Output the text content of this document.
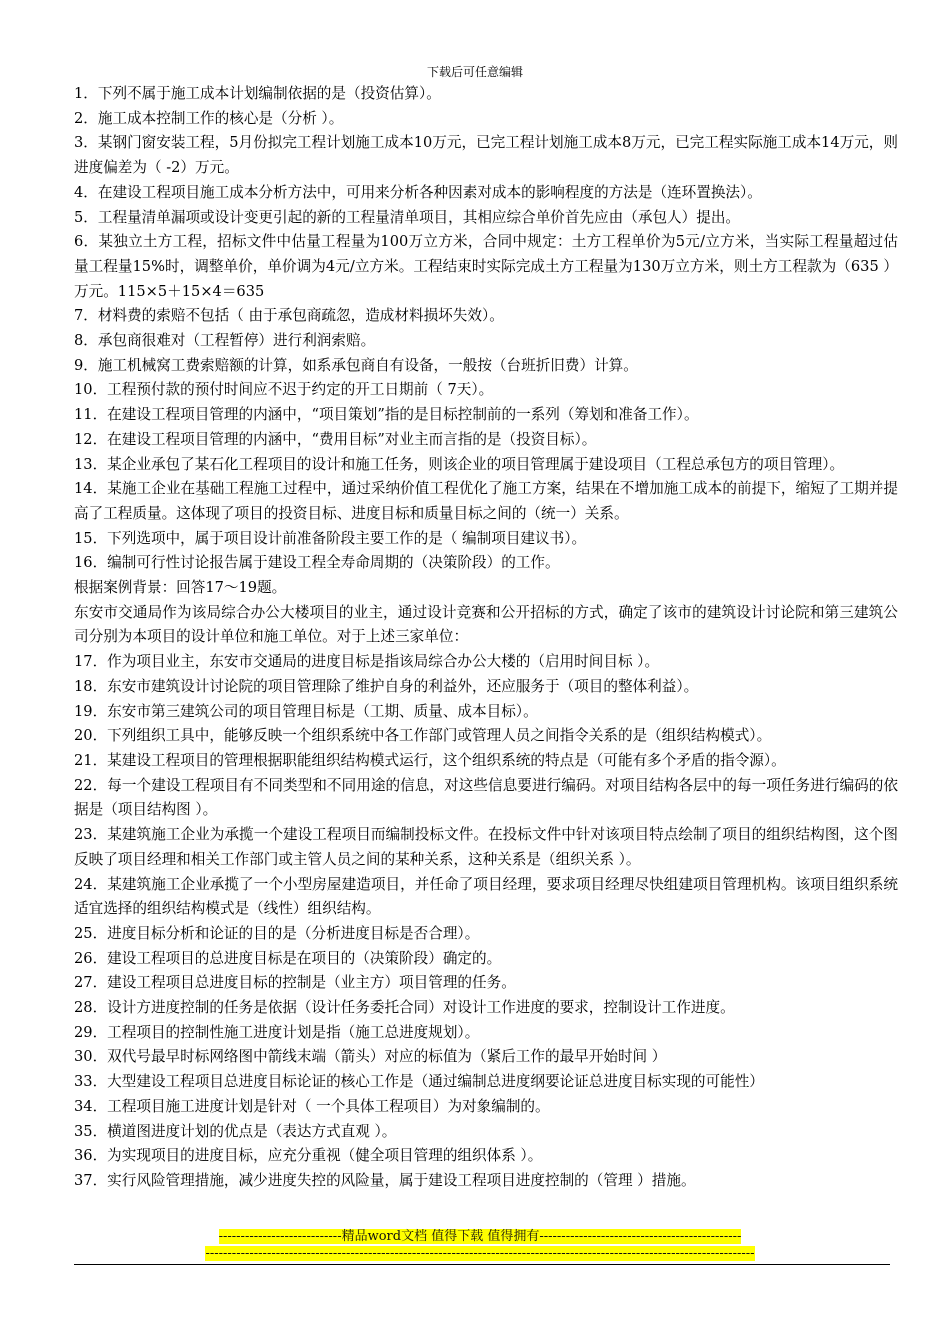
下载后可任意编辑

1．下列不属于施工成本计划编制依据的是（投资估算）。

2．施工成本控制工作的核心是（分析 ）。

3．某钢门窗安装工程，5月份拟完工程计划施工成本10万元，已完工程计划施工成本8万元，已完工程实际施工成本14万元，则进度偏差为（ -2）万元。

4．在建设工程项目施工成本分析方法中，可用来分析各种因素对成本的影响程度的方法是（连环置换法）。

5．工程量清单漏项或设计变更引起的新的工程量清单项目，其相应综合单价首先应由（承包人）提出。

6．某独立土方工程，招标文件中估量工程量为100万立方米，合同中规定：土方工程单价为5元/立方米，当实际工程量超过估量工程量15%时，调整单价，单价调为4元/立方米。工程结束时实际完成土方工程量为130万立方米，则土方工程款为（635 ）万元。115×5＋15×4＝635

7．材料费的索赔不包括（ 由于承包商疏忽，造成材料损坏失效）。

8．承包商很难对（工程暂停）进行利润索赔。

9．施工机械窝工费索赔额的计算，如系承包商自有设备，一般按（台班折旧费）计算。

10．工程预付款的预付时间应不迟于约定的开工日期前（ 7天）。

11．在建设工程项目管理的内涵中，“项目策划”指的是目标控制前的一系列（筹划和准备工作）。

12．在建设工程项目管理的内涵中，“费用目标”对业主而言指的是（投资目标）。

13．某企业承包了某石化工程项目的设计和施工任务，则该企业的项目管理属于建设项目（工程总承包方的项目管理）。

14．某施工企业在基础工程施工过程中，通过采纳价值工程优化了施工方案，结果在不增加施工成本的前提下，缩短了工期并提高了工程质量。这体现了项目的投资目标、进度目标和质量目标之间的（统一）关系。

15．下列选项中，属于项目设计前准备阶段主要工作的是（ 编制项目建议书）。

16．编制可行性讨论报告属于建设工程全寿命周期的（决策阶段）的工作。

根据案例背景：回答17～19题。

东安市交通局作为该局综合办公大楼项目的业主，通过设计竞赛和公开招标的方式，确定了该市的建筑设计讨论院和第三建筑公司分别为本项目的设计单位和施工单位。对于上述三家单位：

17．作为项目业主，东安市交通局的进度目标是指该局综合办公大楼的（启用时间目标 ）。

18．东安市建筑设计讨论院的项目管理除了维护自身的利益外，还应服务于（项目的整体利益）。

19．东安市第三建筑公司的项目管理目标是（工期、质量、成本目标）。

20．下列组织工具中，能够反映一个组织系统中各工作部门或管理人员之间指令关系的是（组织结构模式）。

21．某建设工程项目的管理根据职能组织结构模式运行，这个组织系统的特点是（可能有多个矛盾的指令源）。

22．每一个建设工程项目有不同类型和不同用途的信息，对这些信息要进行编码。对项目结构各层中的每一项任务进行编码的依据是（项目结构图 ）。

23．某建筑施工企业为承揽一个建设工程项目而编制投标文件。在投标文件中针对该项目特点绘制了项目的组织结构图，这个图反映了项目经理和相关工作部门或主管人员之间的某种关系，这种关系是（组织关系 ）。

24．某建筑施工企业承揽了一个小型房屋建造项目，并任命了项目经理，要求项目经理尽快组建项目管理机构。该项目组织系统适宜选择的组织结构模式是（线性）组织结构。

25．进度目标分析和论证的目的是（分析进度目标是否合理）。

26．建设工程项目的总进度目标是在项目的（决策阶段）确定的。

27．建设工程项目总进度目标的控制是（业主方）项目管理的任务。

28．设计方进度控制的任务是依据（设计任务委托合同）对设计工作进度的要求，控制设计工作进度。

29．工程项目的控制性施工进度计划是指（施工总进度规划）。

30．双代号最早时标网络图中箭线末端（箭头）对应的标值为（紧后工作的最早开始时间 ）

33．大型建设工程项目总进度目标论证的核心工作是（通过编制总进度纲要论证总进度目标实现的可能性）

34．工程项目施工进度计划是针对（ 一个具体工程项目）为对象编制的。

35．横道图进度计划的优点是（表达方式直观 ）。

36．为实现项目的进度目标，应充分重视（健全项目管理的组织体系 ）。

37．实行风险管理措施，减少进度失控的风险量，属于建设工程项目进度控制的（管理 ）措施。

----------------------------精品word文档 值得下载 值得拥有----------------------------------------------
-----------------------------------------------------------------------------------------------------------------------------
